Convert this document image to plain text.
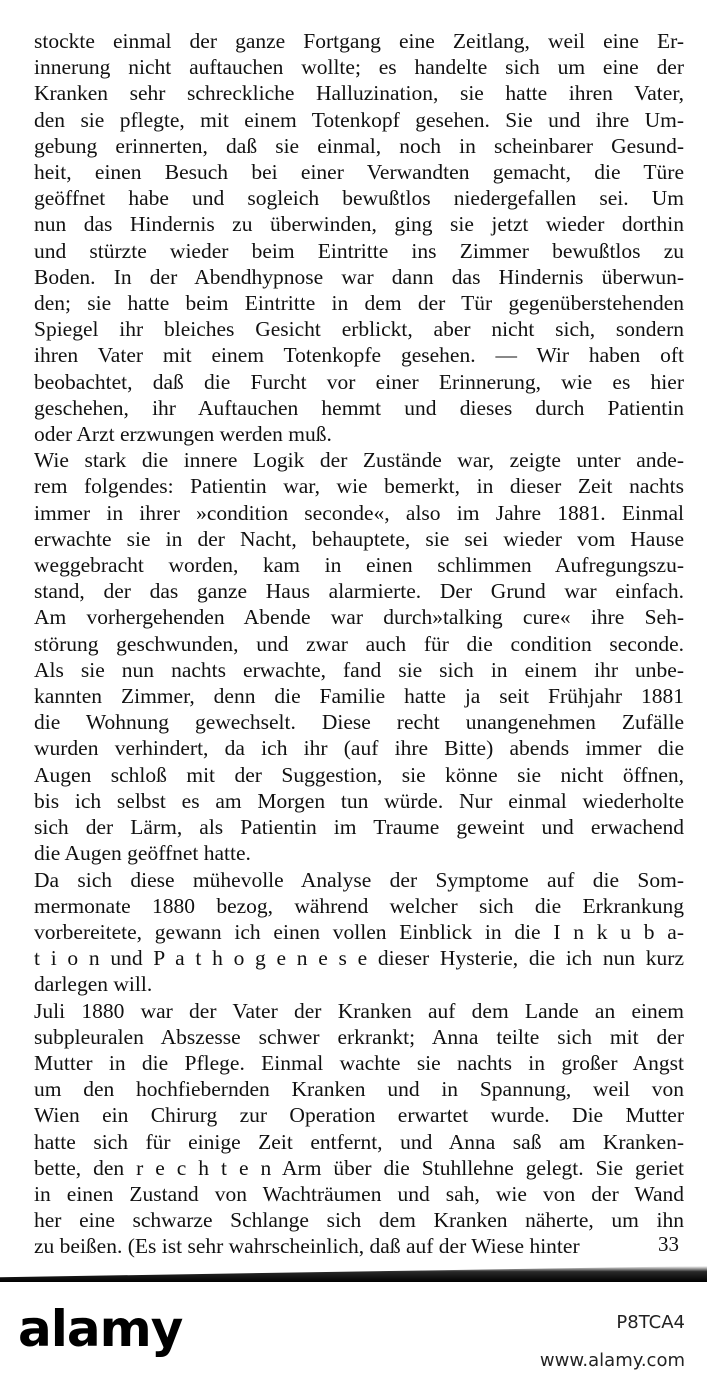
stockte einmal der ganze Fortgang eine Zeitlang, weil eine Er-
innerung nicht auftauchen wollte; es handelte sich um eine der
Kranken sehr schreckliche Halluzination, sie hatte ihren Vater,
den sie pflegte, mit einem Totenkopf gesehen. Sie und ihre Um-
gebung erinnerten, daß sie einmal, noch in scheinbarer Gesund-
heit, einen Besuch bei einer Verwandten gemacht, die Türe
geöffnet habe und sogleich bewußtlos niedergefallen sei. Um
nun das Hindernis zu überwinden, ging sie jetzt wieder dorthin
und stürzte wieder beim Eintritte ins Zimmer bewußtlos zu
Boden. In der Abendhypnose war dann das Hindernis überwun-
den; sie hatte beim Eintritte in dem der Tür gegenüberstehenden
Spiegel ihr bleiches Gesicht erblickt, aber nicht sich, sondern
ihren Vater mit einem Totenkopfe gesehen. — Wir haben oft
beobachtet, daß die Furcht vor einer Erinnerung, wie es hier
geschehen, ihr Auftauchen hemmt und dieses durch Patientin
oder Arzt erzwungen werden muß.
Wie stark die innere Logik der Zustände war, zeigte unter ande-
rem folgendes: Patientin war, wie bemerkt, in dieser Zeit nachts
immer in ihrer »condition seconde«, also im Jahre 1881. Einmal
erwachte sie in der Nacht, behauptete, sie sei wieder vom Hause
weggebracht worden, kam in einen schlimmen Aufregungszu-
stand, der das ganze Haus alarmierte. Der Grund war einfach.
Am vorhergehenden Abende war durch»talking cure« ihre Seh-
störung geschwunden, und zwar auch für die condition seconde.
Als sie nun nachts erwachte, fand sie sich in einem ihr unbe-
kannten Zimmer, denn die Familie hatte ja seit Frühjahr 1881
die Wohnung gewechselt. Diese recht unangenehmen Zufälle
wurden verhindert, da ich ihr (auf ihre Bitte) abends immer die
Augen schloß mit der Suggestion, sie könne sie nicht öffnen,
bis ich selbst es am Morgen tun würde. Nur einmal wiederholte
sich der Lärm, als Patientin im Traume geweint und erwachend
die Augen geöffnet hatte.
Da sich diese mühevolle Analyse der Symptome auf die Som-
mermonate 1880 bezog, während welcher sich die Erkrankung
vorbereitete, gewann ich einen vollen Einblick in die I n k u b a-
t i o n und P a t h o g e n e s e dieser Hysterie, die ich nun kurz
darlegen will.
Juli 1880 war der Vater der Kranken auf dem Lande an einem
subpleuralen Abszesse schwer erkrankt; Anna teilte sich mit der
Mutter in die Pflege. Einmal wachte sie nachts in großer Angst
um den hochfiebernden Kranken und in Spannung, weil von
Wien ein Chirurg zur Operation erwartet wurde. Die Mutter
hatte sich für einige Zeit entfernt, und Anna saß am Kranken-
bette, den r e c h t e n Arm über die Stuhllehne gelegt. Sie geriet
in einen Zustand von Wachträumen und sah, wie von der Wand
her eine schwarze Schlange sich dem Kranken näherte, um ihn
zu beißen. (Es ist sehr wahrscheinlich, daß auf der Wiese hinter	33
alamy	P8TCA4
www.alamy.com
